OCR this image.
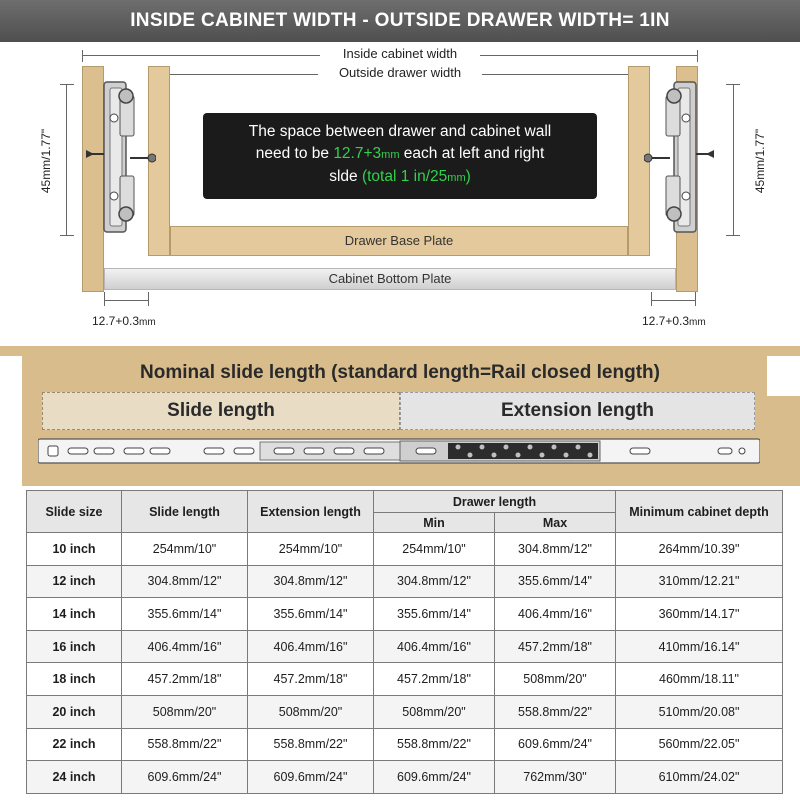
INSIDE CABINET WIDTH - OUTSIDE DRAWER WIDTH= 1IN
Inside cabinet width
Outside drawer width
Drawer Base Plate
Cabinet Bottom Plate
45mm/1.77"	45mm/1.77"
12.7+0.3mm	12.7+0.3mm
The space between drawer and cabinet wall
need to be 12.7+3mm each at left and right
slde (total 1 in/25mm)
Nominal slide length (standard length=Rail closed length)
Slide length	Extension length
Slide size	Slide length	Extension length	Drawer length		Minimum cabinet depth
			Min	Max	
10 inch	254mm/10"	254mm/10"	254mm/10"	304.8mm/12"	264mm/10.39"
12 inch	304.8mm/12"	304.8mm/12"	304.8mm/12"	355.6mm/14"	310mm/12.21"
14 inch	355.6mm/14"	355.6mm/14"	355.6mm/14"	406.4mm/16"	360mm/14.17"
16 inch	406.4mm/16"	406.4mm/16"	406.4mm/16"	457.2mm/18"	410mm/16.14"
18 inch	457.2mm/18"	457.2mm/18"	457.2mm/18"	508mm/20"	460mm/18.11"
20 inch	508mm/20"	508mm/20"	508mm/20"	558.8mm/22"	510mm/20.08"
22 inch	558.8mm/22"	558.8mm/22"	558.8mm/22"	609.6mm/24"	560mm/22.05"
24 inch	609.6mm/24"	609.6mm/24"	609.6mm/24"	762mm/30"	610mm/24.02"
